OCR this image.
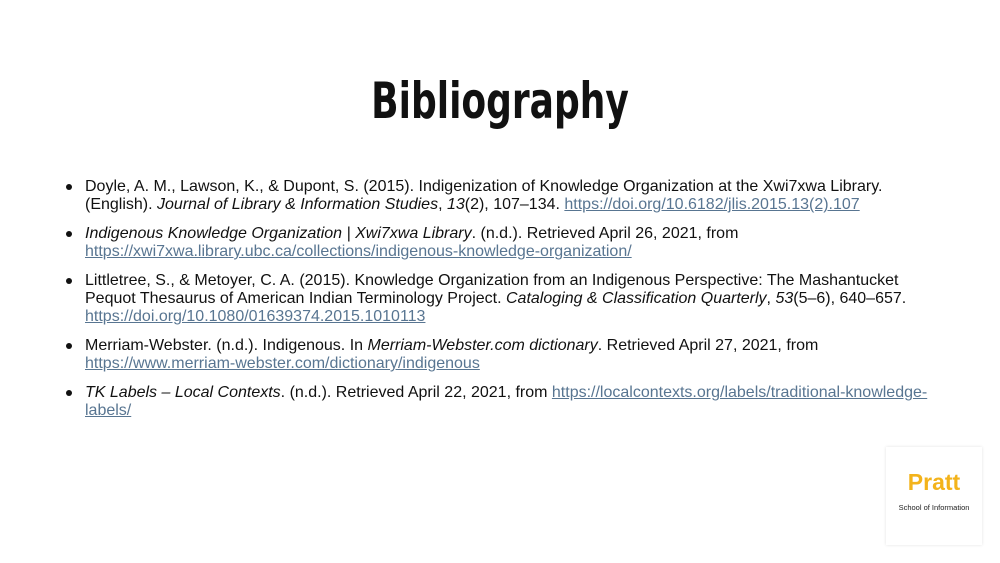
Bibliography
Doyle, A. M., Lawson, K., & Dupont, S. (2015). Indigenization of Knowledge Organization at the Xwi7xwa Library. (English). Journal of Library & Information Studies, 13(2), 107–134. https://doi.org/10.6182/jlis.2015.13(2).107
Indigenous Knowledge Organization | Xwi7xwa Library. (n.d.). Retrieved April 26, 2021, from https://xwi7xwa.library.ubc.ca/collections/indigenous-knowledge-organization/
Littletree, S., & Metoyer, C. A. (2015). Knowledge Organization from an Indigenous Perspective: The Mashantucket Pequot Thesaurus of American Indian Terminology Project. Cataloging & Classification Quarterly, 53(5–6), 640–657. https://doi.org/10.1080/01639374.2015.1010113
Merriam-Webster. (n.d.). Indigenous. In Merriam-Webster.com dictionary. Retrieved April 27, 2021, from https://www.merriam-webster.com/dictionary/indigenous
TK Labels – Local Contexts. (n.d.). Retrieved April 22, 2021, from https://localcontexts.org/labels/traditional-knowledge-labels/
Pratt
School of Information
